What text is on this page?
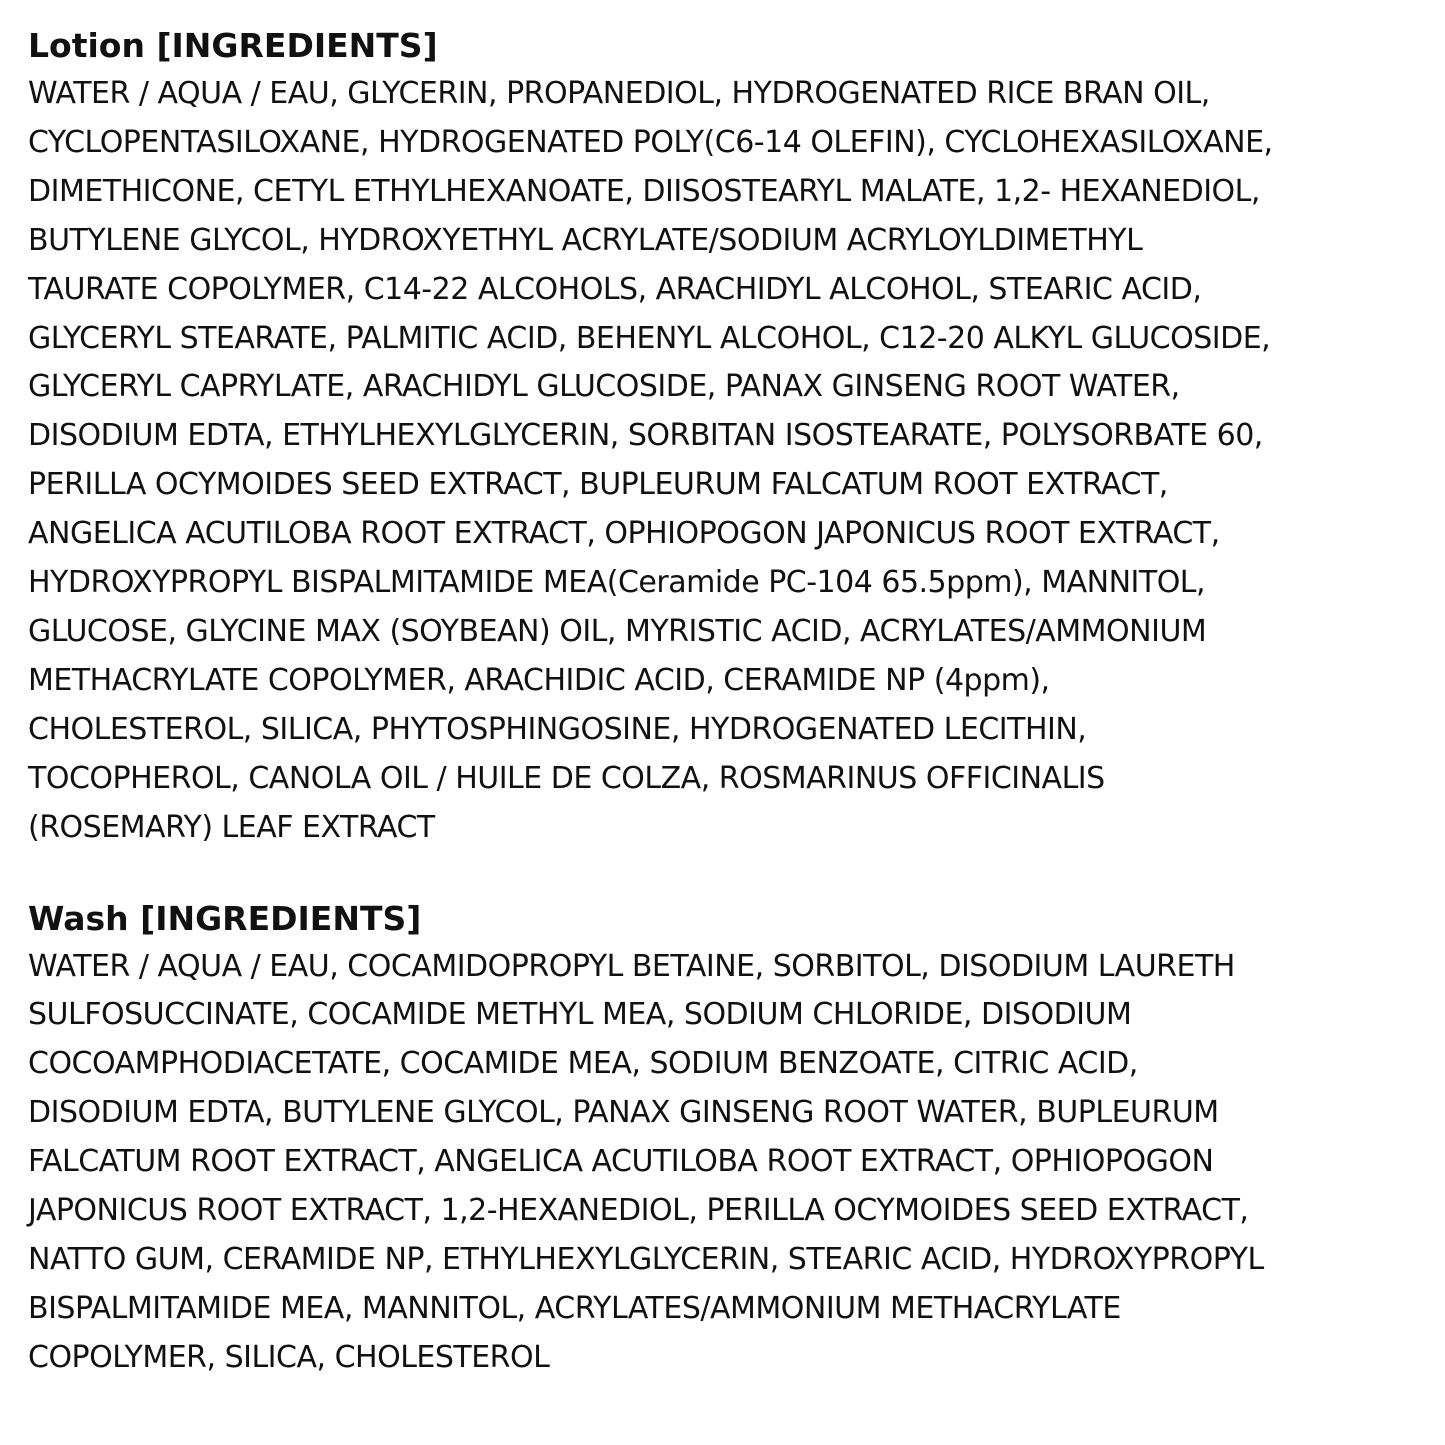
Lotion [INGREDIENTS]
WATER / AQUA / EAU, GLYCERIN, PROPANEDIOL, HYDROGENATED RICE BRAN OIL,
CYCLOPENTASILOXANE, HYDROGENATED POLY(C6-14 OLEFIN), CYCLOHEXASILOXANE,
DIMETHICONE, CETYL ETHYLHEXANOATE, DIISOSTEARYL MALATE, 1,2- HEXANEDIOL,
BUTYLENE GLYCOL, HYDROXYETHYL ACRYLATE/SODIUM ACRYLOYLDIMETHYL
TAURATE COPOLYMER, C14-22 ALCOHOLS, ARACHIDYL ALCOHOL, STEARIC ACID,
GLYCERYL STEARATE, PALMITIC ACID, BEHENYL ALCOHOL, C12-20 ALKYL GLUCOSIDE,
GLYCERYL CAPRYLATE, ARACHIDYL GLUCOSIDE, PANAX GINSENG ROOT WATER,
DISODIUM EDTA, ETHYLHEXYLGLYCERIN, SORBITAN ISOSTEARATE, POLYSORBATE 60,
PERILLA OCYMOIDES SEED EXTRACT, BUPLEURUM FALCATUM ROOT EXTRACT,
ANGELICA ACUTILOBA ROOT EXTRACT, OPHIOPOGON JAPONICUS ROOT EXTRACT,
HYDROXYPROPYL BISPALMITAMIDE MEA(Ceramide PC-104 65.5ppm), MANNITOL,
GLUCOSE, GLYCINE MAX (SOYBEAN) OIL, MYRISTIC ACID, ACRYLATES/AMMONIUM
METHACRYLATE COPOLYMER, ARACHIDIC ACID, CERAMIDE NP (4ppm),
CHOLESTEROL, SILICA, PHYTOSPHINGOSINE, HYDROGENATED LECITHIN,
TOCOPHEROL, CANOLA OIL / HUILE DE COLZA, ROSMARINUS OFFICINALIS
(ROSEMARY) LEAF EXTRACT
Wash [INGREDIENTS]
WATER / AQUA / EAU, COCAMIDOPROPYL BETAINE, SORBITOL, DISODIUM LAURETH
SULFOSUCCINATE, COCAMIDE METHYL MEA, SODIUM CHLORIDE, DISODIUM
COCOAMPHODIACETATE, COCAMIDE MEA, SODIUM BENZOATE, CITRIC ACID,
DISODIUM EDTA, BUTYLENE GLYCOL, PANAX GINSENG ROOT WATER, BUPLEURUM
FALCATUM ROOT EXTRACT, ANGELICA ACUTILOBA ROOT EXTRACT, OPHIOPOGON
JAPONICUS ROOT EXTRACT, 1,2-HEXANEDIOL, PERILLA OCYMOIDES SEED EXTRACT,
NATTO GUM, CERAMIDE NP, ETHYLHEXYLGLYCERIN, STEARIC ACID, HYDROXYPROPYL
BISPALMITAMIDE MEA, MANNITOL, ACRYLATES/AMMONIUM METHACRYLATE
COPOLYMER, SILICA, CHOLESTEROL
